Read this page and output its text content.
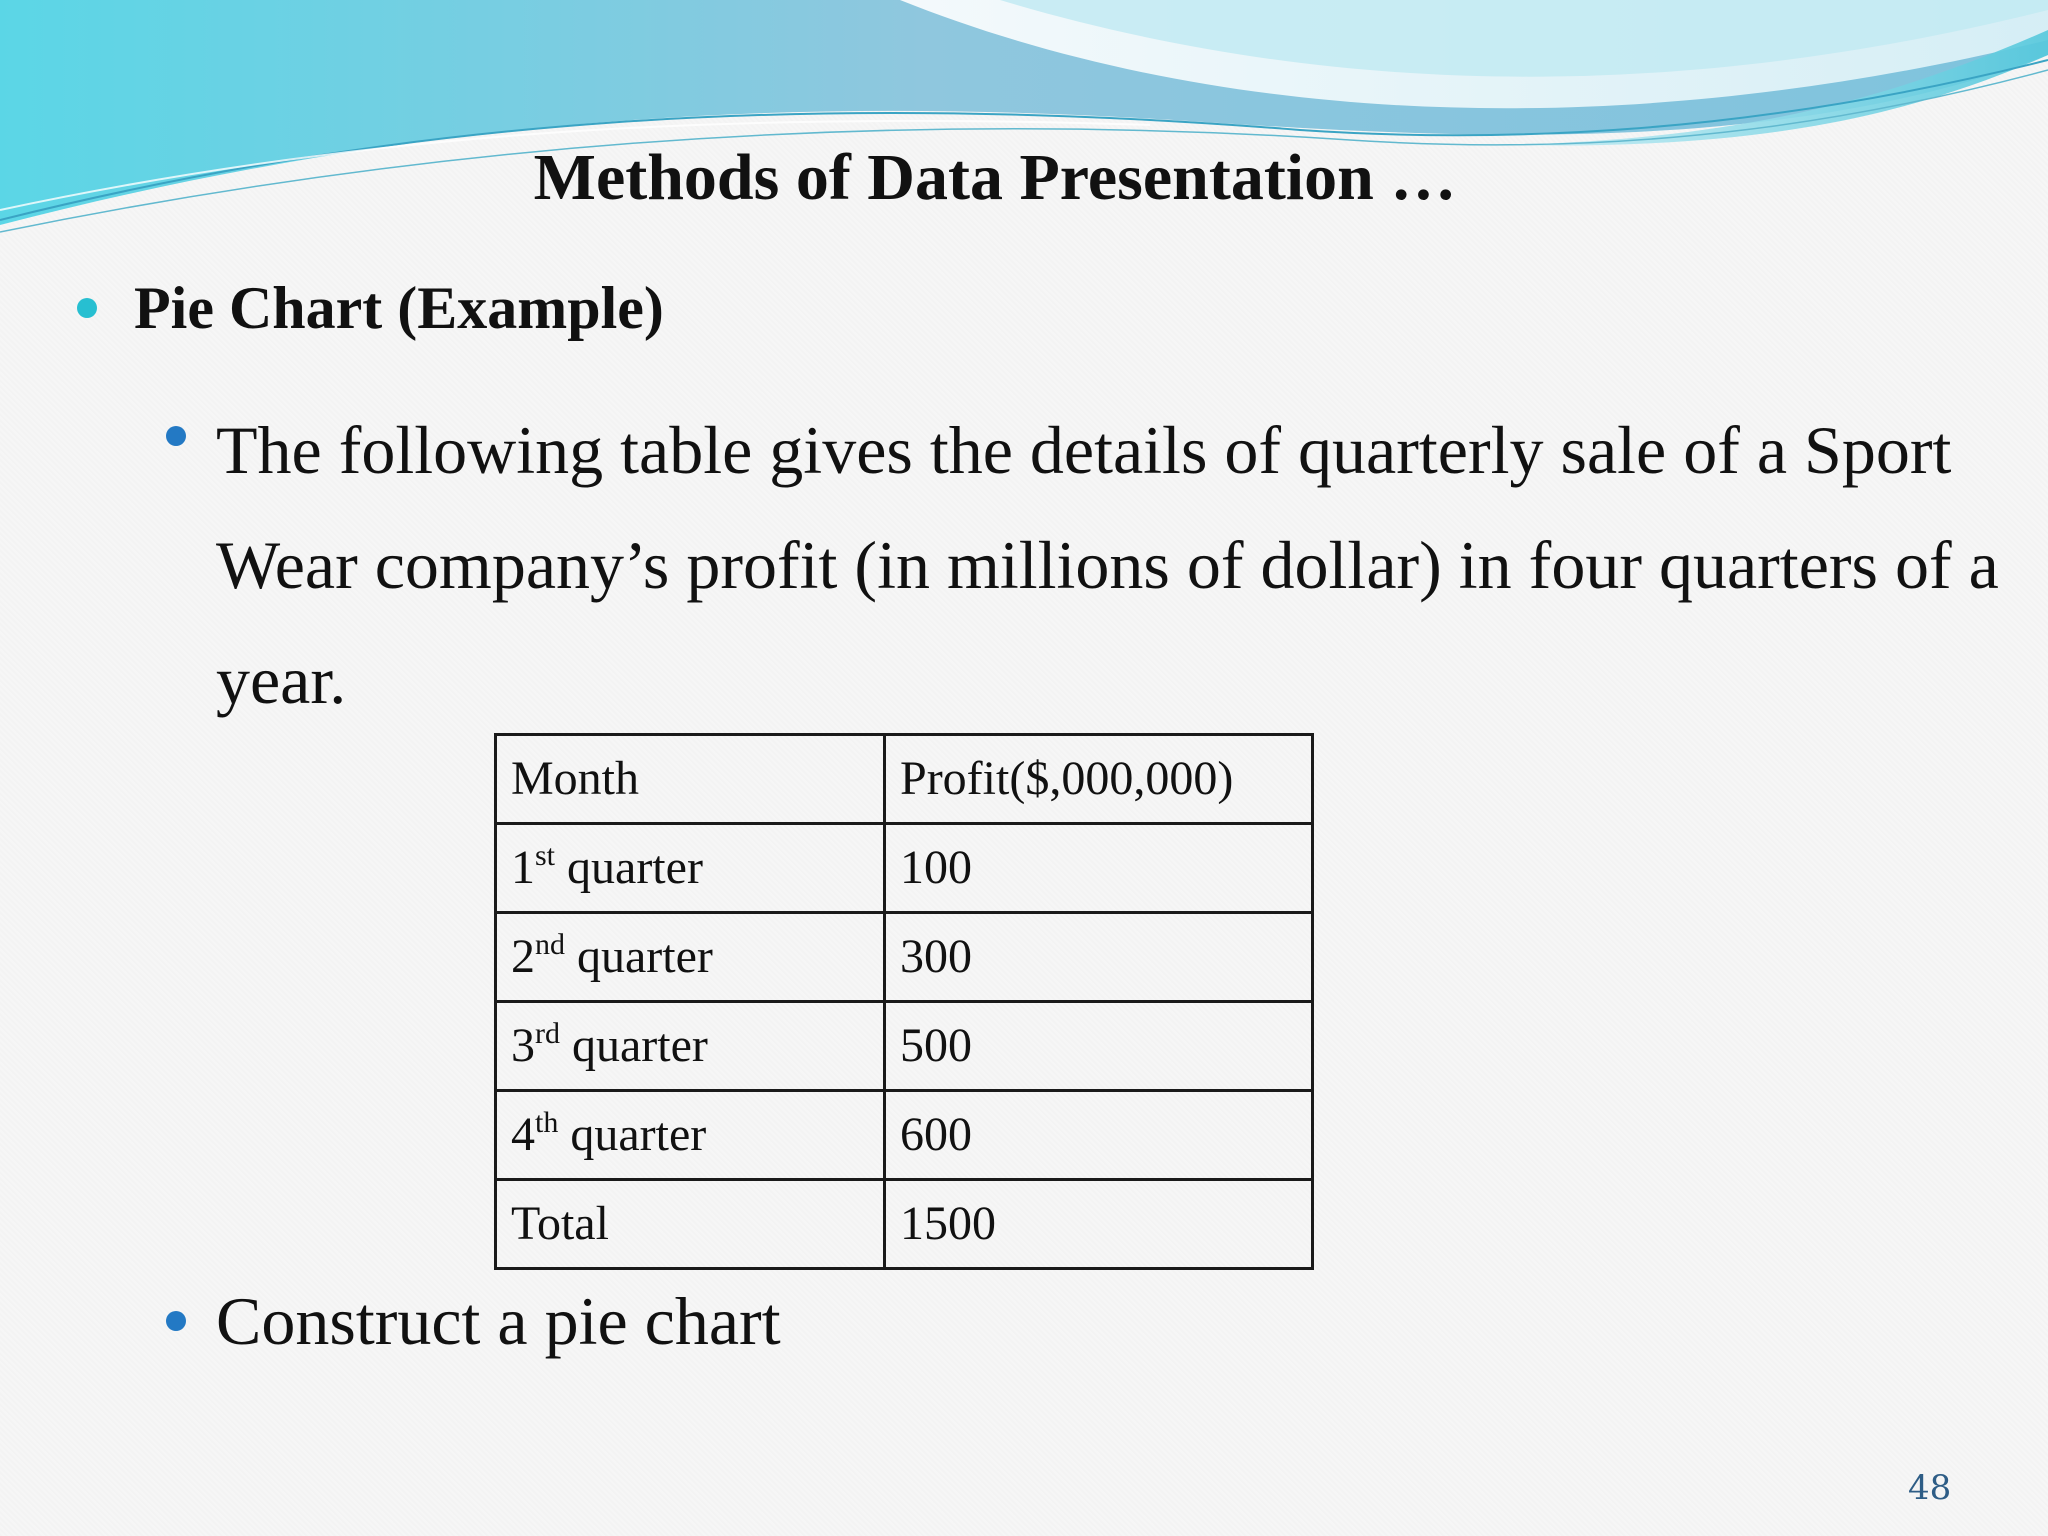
Methods of Data Presentation …
Pie Chart (Example)

The following table gives the details of quarterly sale of a Sport Wear company’s profit (in millions of dollar) in four quarters of a year.

Month	Profit($,000,000)
1st quarter	100
2nd quarter	300
3rd quarter	500
4th quarter	600
Total	1500

Construct a pie chart

48
